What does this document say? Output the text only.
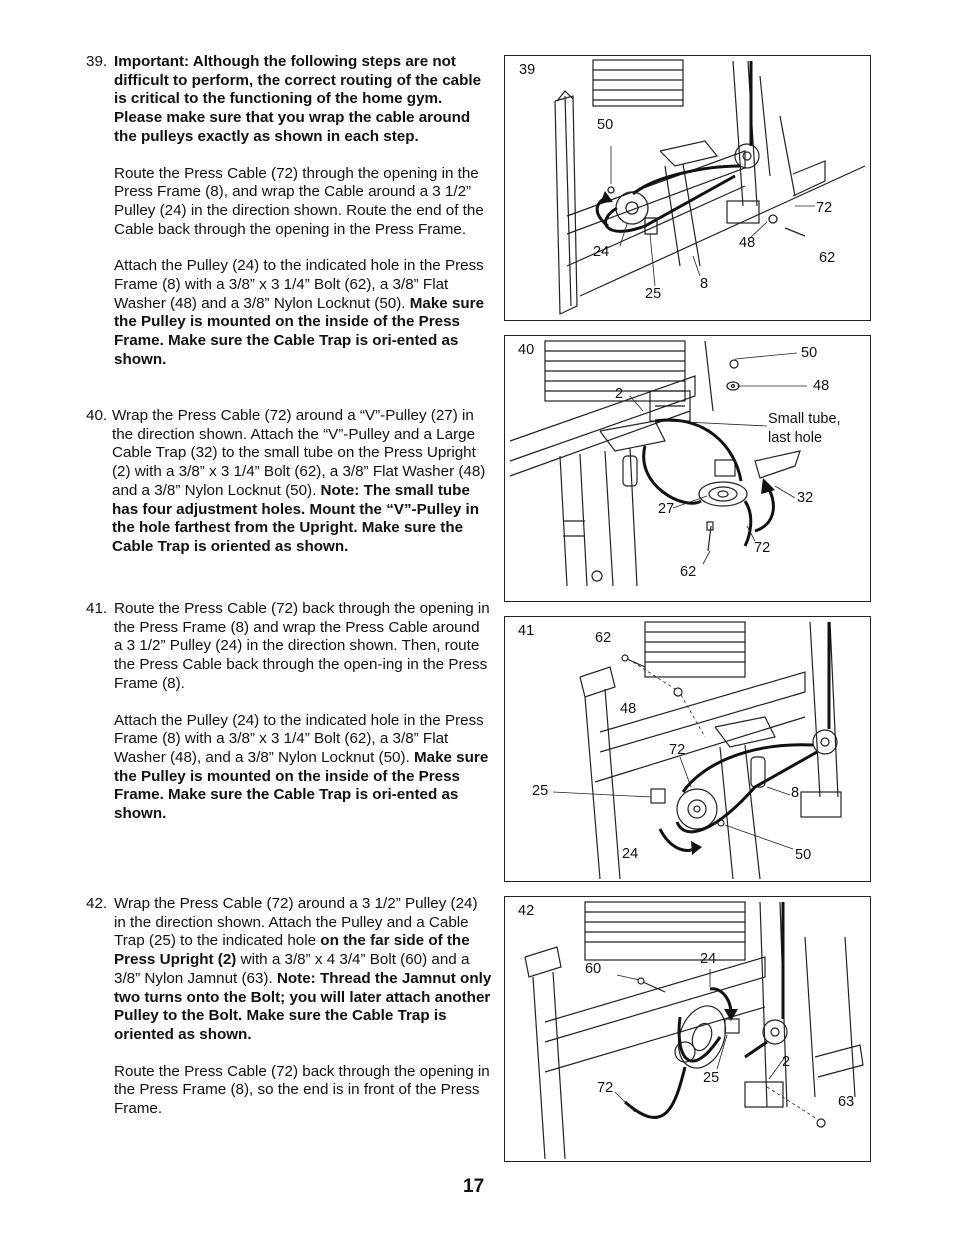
39. Important: Although the following steps are not difficult to perform, the correct routing of the cable is critical to the functioning of the home gym. Please make sure that you wrap the cable around the pulleys exactly as shown in each step.

Route the Press Cable (72) through the opening in the Press Frame (8), and wrap the Cable around a 3 1/2” Pulley (24) in the direction shown. Route the end of the Cable back through the opening in the Press Frame.

Attach the Pulley (24) to the indicated hole in the Press Frame (8) with a 3/8” x 3 1/4” Bolt (62), a 3/8” Flat Washer (48) and a 3/8” Nylon Locknut (50). Make sure the Pulley is mounted on the inside of the Press Frame. Make sure the Cable Trap is ori-ented as shown.

40. Wrap the Press Cable (72) around a “V”-Pulley (27) in the direction shown. Attach the “V”-Pulley and a Large Cable Trap (32) to the small tube on the Press Upright (2) with a 3/8” x 3 1/4” Bolt (62), a 3/8” Flat Washer (48) and a 3/8” Nylon Locknut (50). Note: The small tube has four adjustment holes. Mount the “V”-Pulley in the hole farthest from the Upright. Make sure the Cable Trap is oriented as shown.

41. Route the Press Cable (72) back through the opening in the Press Frame (8) and wrap the Press Cable around a 3 1/2” Pulley (24) in the direction shown. Then, route the Press Cable back through the open-ing in the Press Frame (8).

Attach the Pulley (24) to the indicated hole in the Press Frame (8) with a 3/8” x 3 1/4” Bolt (62), a 3/8” Flat Washer (48), and a 3/8” Nylon Locknut (50). Make sure the Pulley is mounted on the inside of the Press Frame. Make sure the Cable Trap is ori-ented as shown.

42. Wrap the Press Cable (72) around a 3 1/2” Pulley (24) in the direction shown. Attach the Pulley and a Cable Trap (25) to the indicated hole on the far side of the Press Upright (2) with a 3/8” x 4 3/4” Bolt (60) and a 3/8” Nylon Jamnut (63). Note: Thread the Jamnut only two turns onto the Bolt; you will later attach another Pulley to the Bolt. Make sure the Cable Trap is oriented as shown.

Route the Press Cable (72) back through the opening in the Press Frame (8), so the end is in front of the Press Frame.

39
50
72
48
62
24
25
8
40	50
48
2
Small tube,
last hole
32
27
72
62
41	62
48
72
25	8
24	50
42
60
24
2
25
72
63
17
